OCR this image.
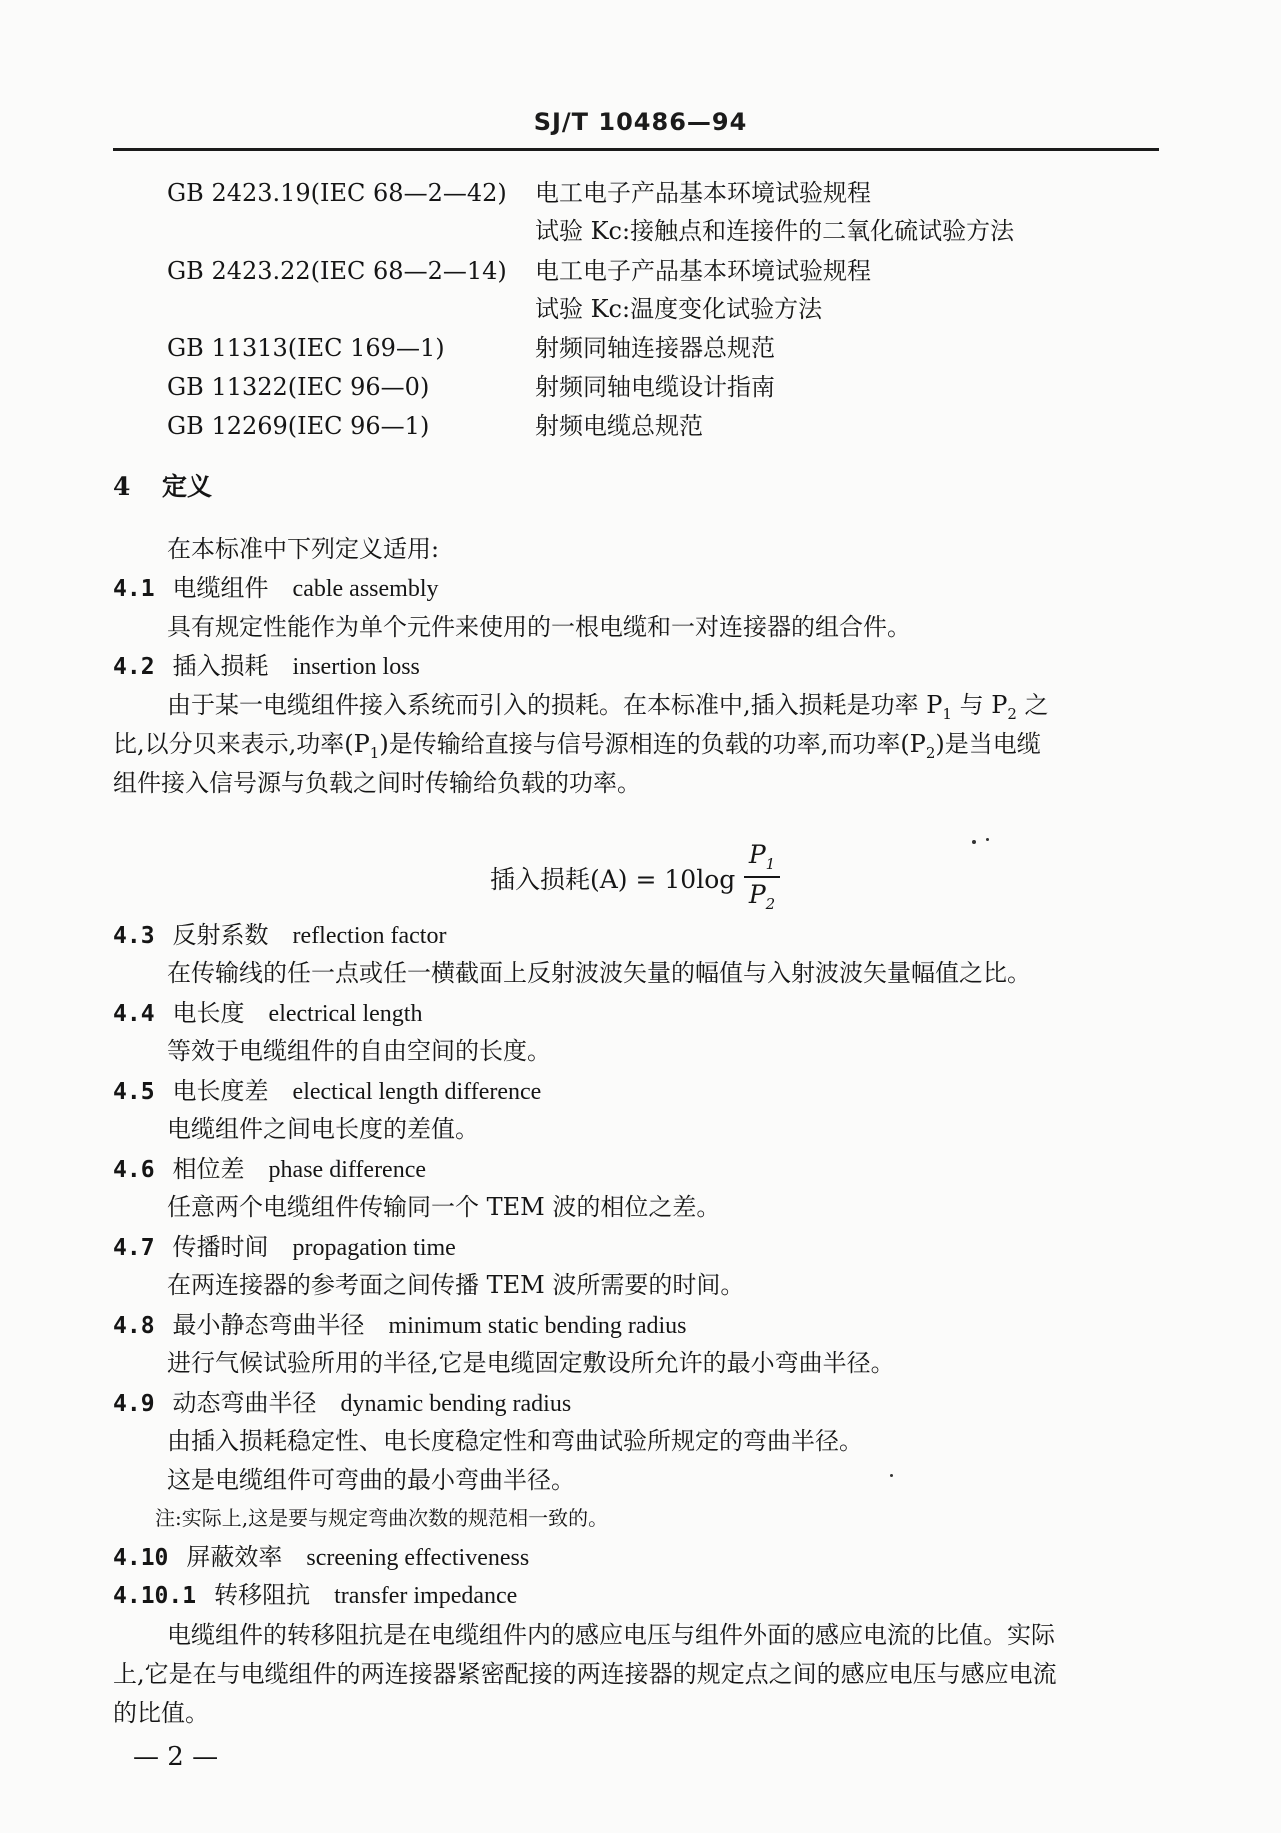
SJ/T 10486—94
GB 2423.19(IEC 68—2—42) 电工电子产品基本环境试验规程
试验 Kc:接触点和连接件的二氧化硫试验方法
GB 2423.22(IEC 68—2—14) 电工电子产品基本环境试验规程
试验 Kc:温度变化试验方法
GB 11313(IEC 169—1)	射频同轴连接器总规范
GB 11322(IEC 96—0)	射频同轴电缆设计指南
GB 12269(IEC 96—1)	射频电缆总规范
4 定义
在本标准中下列定义适用:
4.1 电缆组件 cable assembly
具有规定性能作为单个元件来使用的一根电缆和一对连接器的组合件。
4.2 插入损耗 insertion loss
由于某一电缆组件接入系统而引入的损耗。在本标准中,插入损耗是功率 $P_1$ 与 $P_2$ 之
比,以分贝来表示,功率$(P_1)$是传输给直接与信号源相连的负载的功率,而功率$(P_2)$是当电缆
组件接入信号源与负载之间时传输给负载的功率。
插入损耗(A) = 10log
$P_1$
$P_2$
4.3 反射系数 reflection factor
在传输线的任一点或任一横截面上反射波波矢量的幅值与入射波波矢量幅值之比。
4.4 电长度 electrical length
等效于电缆组件的自由空间的长度。
4.5 电长度差 electical length difference
电缆组件之间电长度的差值。
4.6 相位差 phase difference
任意两个电缆组件传输同一个 TEM 波的相位之差。
4.7 传播时间 propagation time
在两连接器的参考面之间传播 TEM 波所需要的时间。
4.8 最小静态弯曲半径 minimum static bending radius
进行气候试验所用的半径,它是电缆固定敷设所允许的最小弯曲半径。
4.9 动态弯曲半径 dynamic bending radius
由插入损耗稳定性、电长度稳定性和弯曲试验所规定的弯曲半径。
这是电缆组件可弯曲的最小弯曲半径。
注:实际上,这是要与规定弯曲次数的规范相一致的。
4.10 屏蔽效率 screening effectiveness
4.10.1 转移阻抗 transfer impedance
电缆组件的转移阻抗是在电缆组件内的感应电压与组件外面的感应电流的比值。实际
上,它是在与电缆组件的两连接器紧密配接的两连接器的规定点之间的感应电压与感应电流
的比值。
— 2 —
